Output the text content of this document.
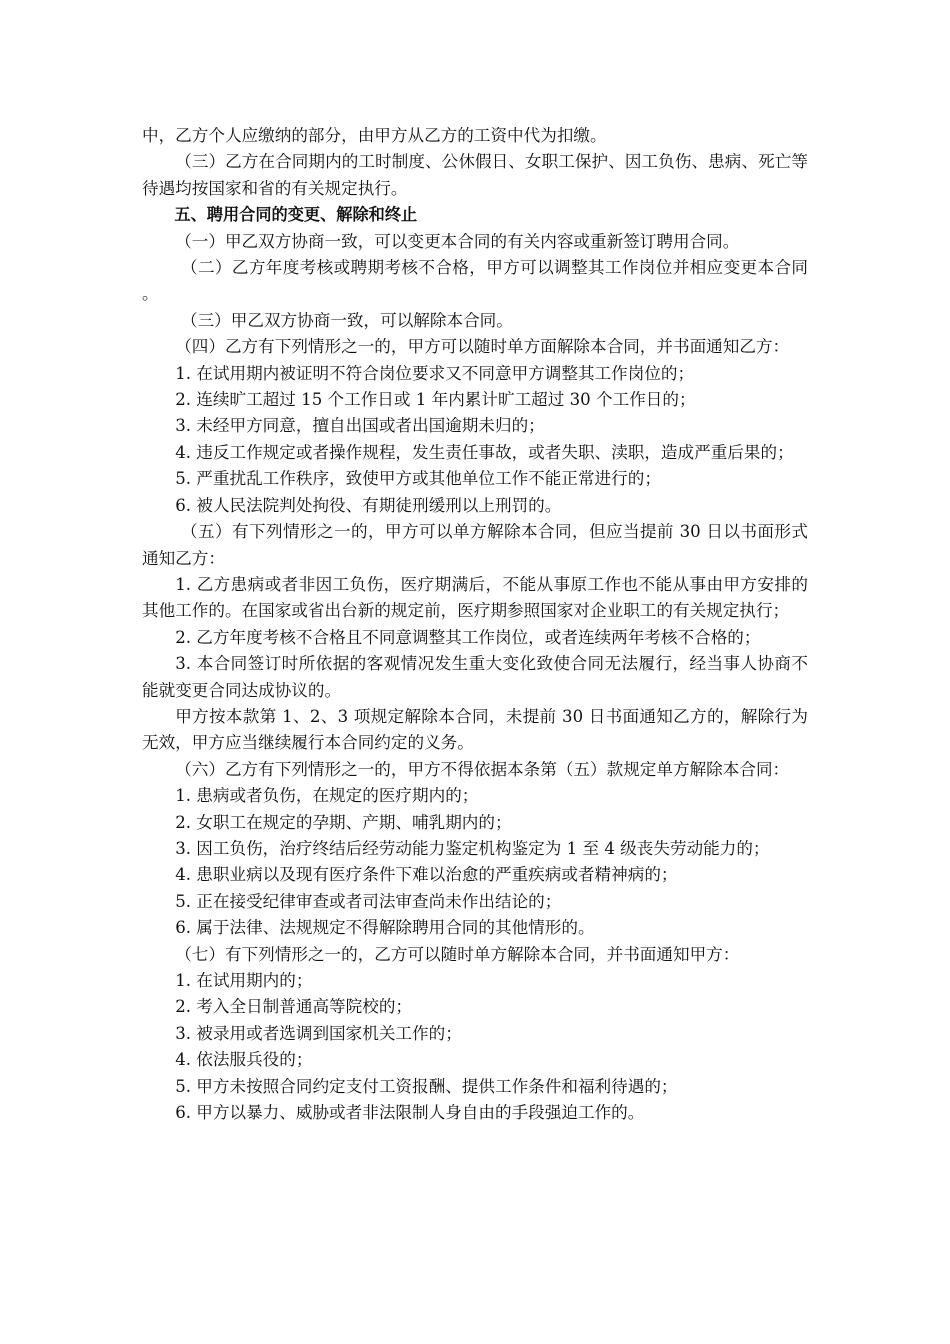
中，乙方个人应缴纳的部分，由甲方从乙方的工资中代为扣缴。

（三）乙方在合同期内的工时制度、公休假日、女职工保护、因工负伤、患病、死亡等待遇均按国家和省的有关规定执行。

五、聘用合同的变更、解除和终止

（一）甲乙双方协商一致，可以变更本合同的有关内容或重新签订聘用合同。

（二）乙方年度考核或聘期考核不合格，甲方可以调整其工作岗位并相应变更本合同。

（三）甲乙双方协商一致，可以解除本合同。

（四）乙方有下列情形之一的，甲方可以随时单方面解除本合同，并书面通知乙方：

1. 在试用期内被证明不符合岗位要求又不同意甲方调整其工作岗位的；

2. 连续旷工超过 15 个工作日或 1 年内累计旷工超过 30 个工作日的；

3. 未经甲方同意，擅自出国或者出国逾期未归的；

4. 违反工作规定或者操作规程，发生责任事故，或者失职、渎职，造成严重后果的；

5. 严重扰乱工作秩序，致使甲方或其他单位工作不能正常进行的；

6. 被人民法院判处拘役、有期徒刑缓刑以上刑罚的。

（五）有下列情形之一的，甲方可以单方解除本合同，但应当提前 30 日以书面形式通知乙方：

1. 乙方患病或者非因工负伤，医疗期满后，不能从事原工作也不能从事由甲方安排的其他工作的。在国家或省出台新的规定前，医疗期参照国家对企业职工的有关规定执行；

2. 乙方年度考核不合格且不同意调整其工作岗位，或者连续两年考核不合格的；

3. 本合同签订时所依据的客观情况发生重大变化致使合同无法履行，经当事人协商不能就变更合同达成协议的。

甲方按本款第 1、2、3 项规定解除本合同，未提前 30 日书面通知乙方的，解除行为无效，甲方应当继续履行本合同约定的义务。

（六）乙方有下列情形之一的，甲方不得依据本条第（五）款规定单方解除本合同：

1. 患病或者负伤，在规定的医疗期内的；

2. 女职工在规定的孕期、产期、哺乳期内的；

3. 因工负伤，治疗终结后经劳动能力鉴定机构鉴定为 1 至 4 级丧失劳动能力的；

4. 患职业病以及现有医疗条件下难以治愈的严重疾病或者精神病的；

5. 正在接受纪律审查或者司法审查尚未作出结论的；

6. 属于法律、法规规定不得解除聘用合同的其他情形的。

（七）有下列情形之一的，乙方可以随时单方解除本合同，并书面通知甲方：

1. 在试用期内的；

2. 考入全日制普通高等院校的；

3. 被录用或者选调到国家机关工作的；

4. 依法服兵役的；

5. 甲方未按照合同约定支付工资报酬、提供工作条件和福利待遇的；

6. 甲方以暴力、威胁或者非法限制人身自由的手段强迫工作的。
